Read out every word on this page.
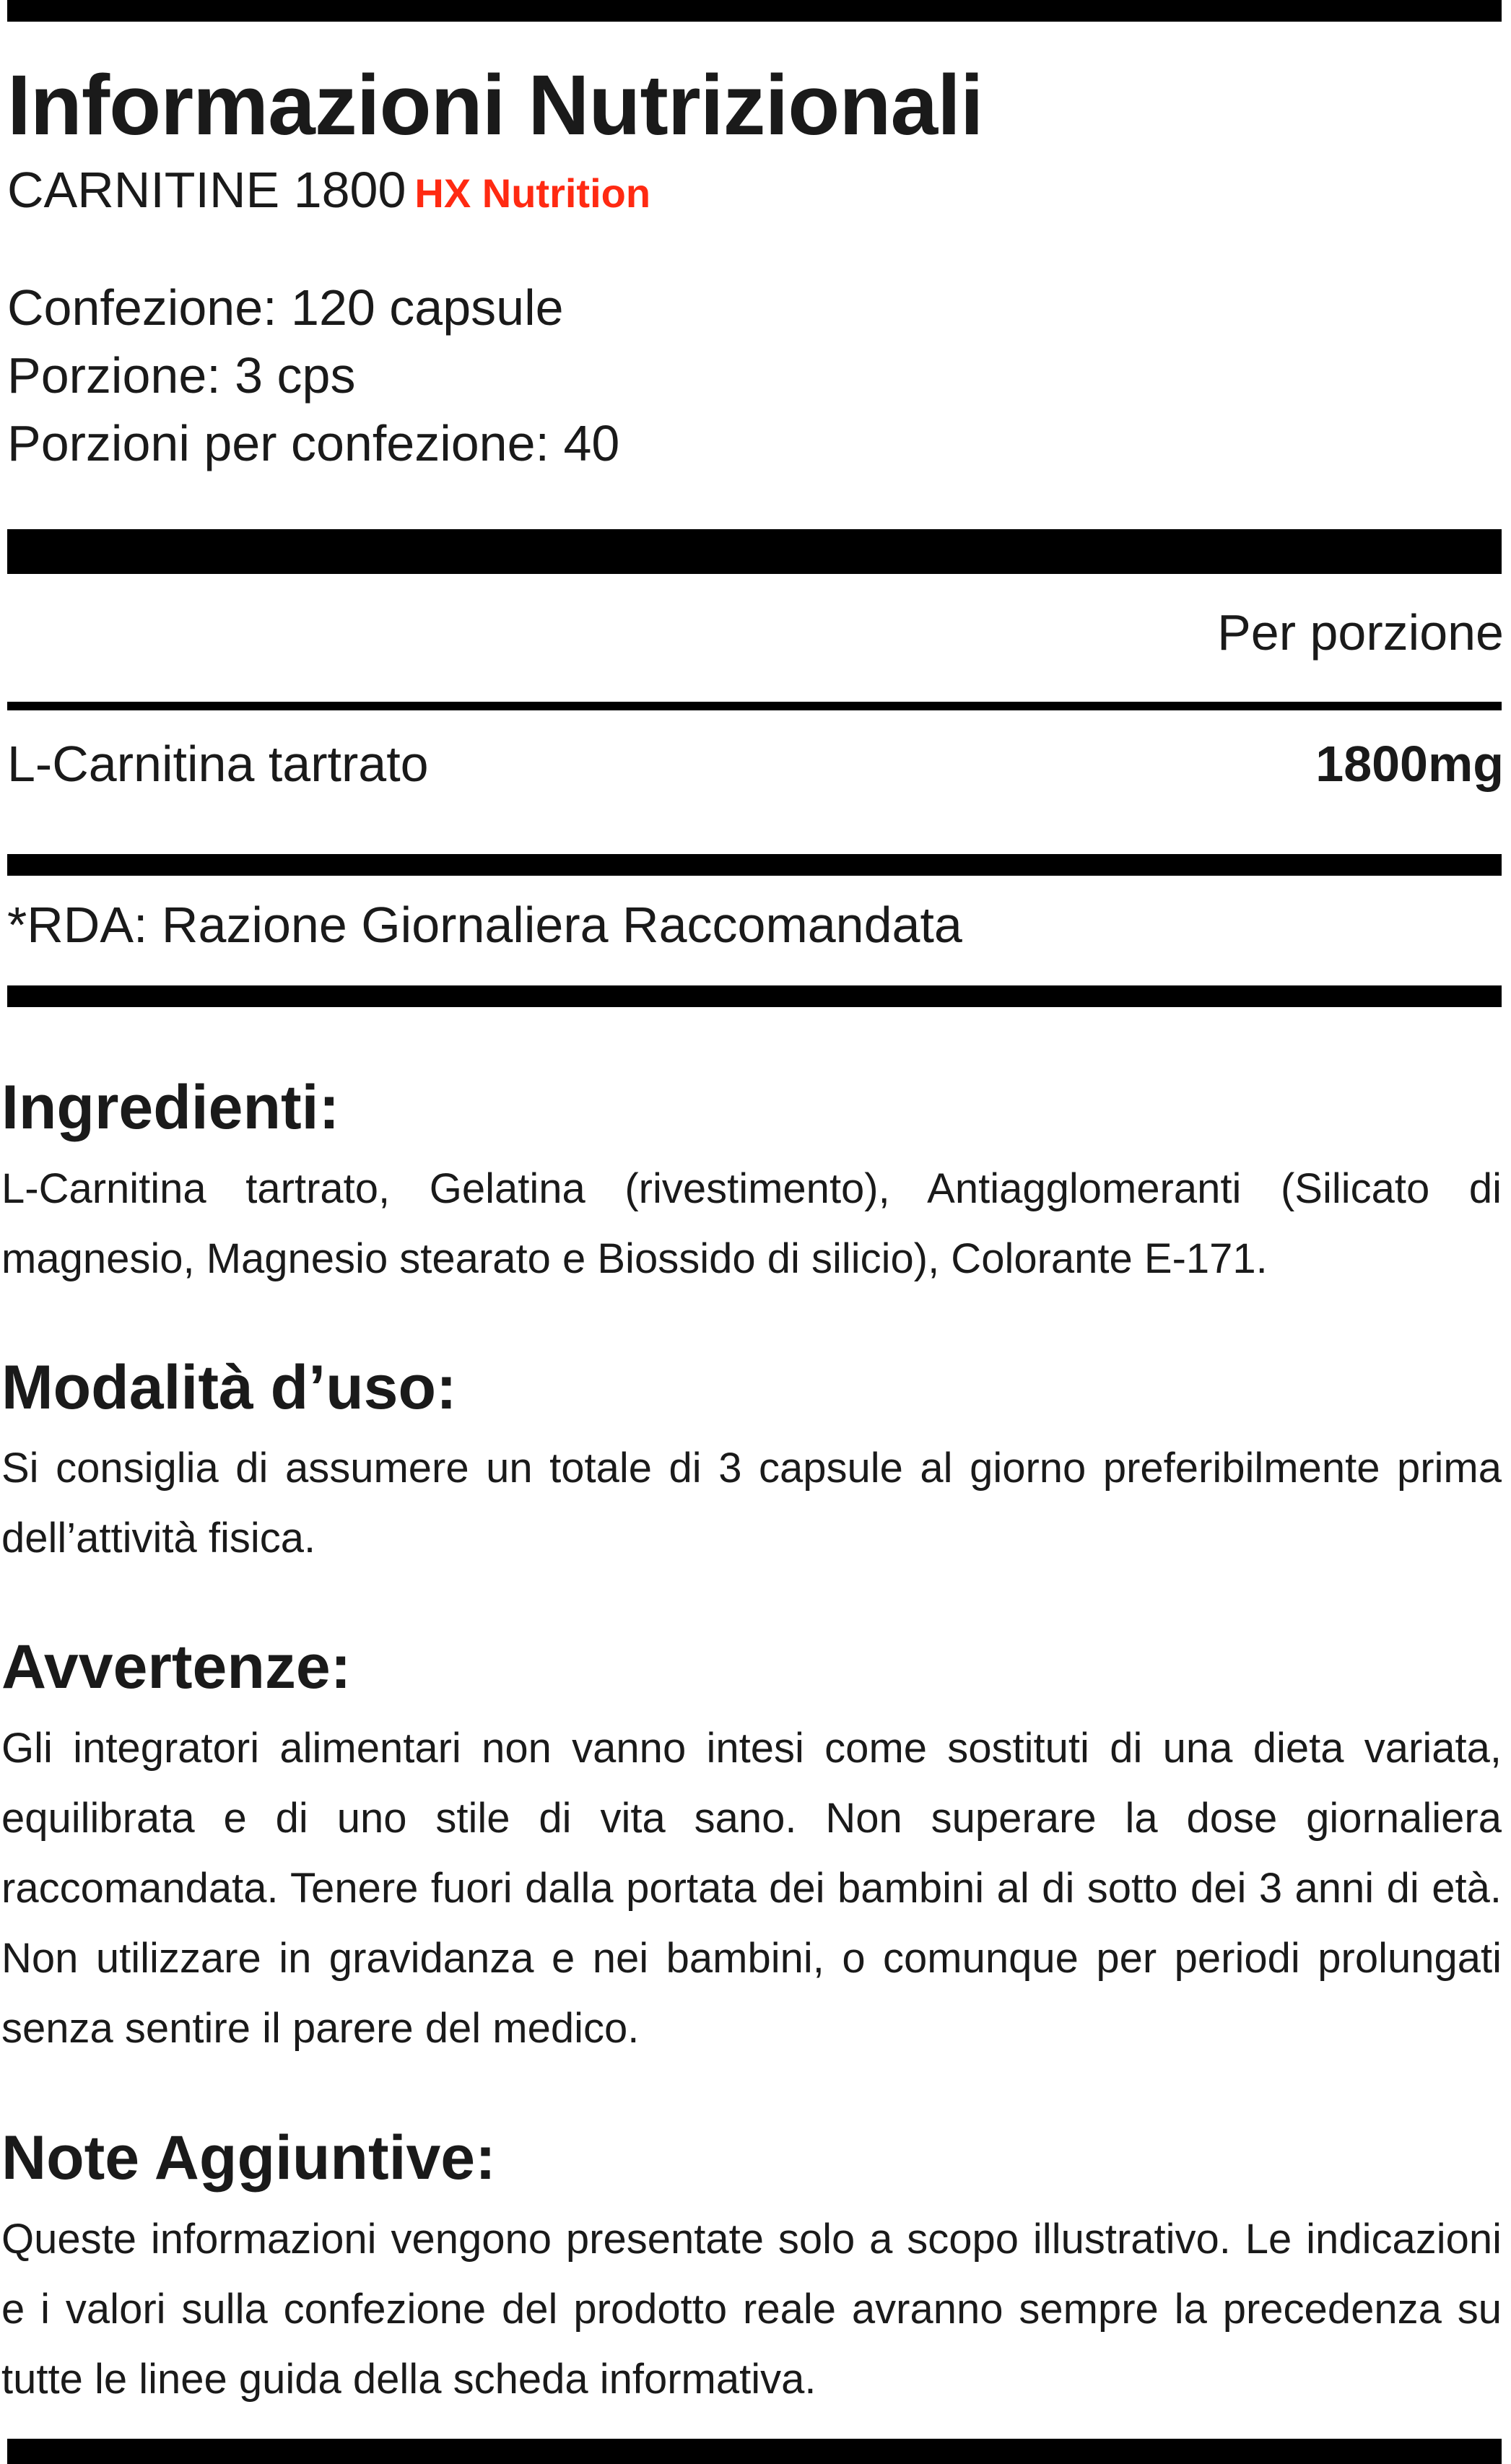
Informazioni Nutrizionali
CARNITINE 1800 HX Nutrition
Confezione: 120 capsule
Porzione: 3 cps
Porzioni per confezione: 40
Per porzione
L-Carnitina tartrato	1800mg
*RDA: Razione Giornaliera Raccomandata
Ingredienti:
L-Carnitina tartrato, Gelatina (rivestimento), Antiagglomeranti (Silicato di magnesio, Magnesio stearato e Biossido di silicio), Colorante E-171.
Modalità d’uso:
Si consiglia di assumere un totale di 3 capsule al giorno preferibilmente prima dell’attività fisica.
Avvertenze:
Gli integratori alimentari non vanno intesi come sostituti di una dieta variata, equilibrata e di uno stile di vita sano. Non superare la dose giornaliera raccomandata. Tenere fuori dalla portata dei bambini al di sotto dei 3 anni di età. Non utilizzare in gravidanza e nei bambini, o comunque per periodi prolungati senza sentire il parere del medico.
Note Aggiuntive:
Queste informazioni vengono presentate solo a scopo illustrativo. Le indicazioni e i valori sulla confezione del prodotto reale avranno sempre la precedenza su tutte le linee guida della scheda informativa.
